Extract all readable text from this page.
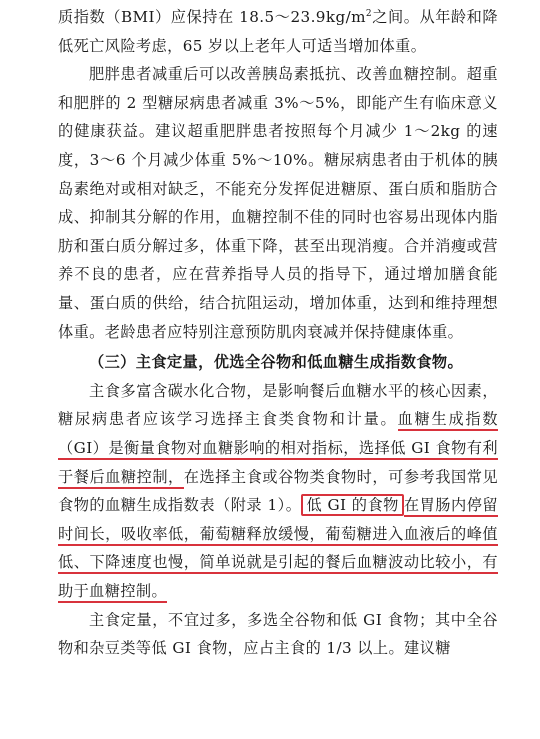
质指数（BMI）应保持在 $18.5\sim 23.9kg/m^2$之间。从年龄和降低死亡风险考虑，65 岁以上老年人可适当增加体重。

肥胖患者减重后可以改善胰岛素抵抗、改善血糖控制。超重和肥胖的 2 型糖尿病患者减重 3%～5%，即能产生有临床意义的健康获益。建议超重肥胖患者按照每个月减少 1～2kg 的速度，3～6 个月减少体重 5%～10%。糖尿病患者由于机体的胰岛素绝对或相对缺乏，不能充分发挥促进糖原、蛋白质和脂肪合成、抑制其分解的作用，血糖控制不佳的同时也容易出现体内脂肪和蛋白质分解过多，体重下降，甚至出现消瘦。合并消瘦或营养不良的患者，应在营养指导人员的指导下，通过增加膳食能量、蛋白质的供给，结合抗阻运动，增加体重，达到和维持理想体重。老龄患者应特别注意预防肌肉衰减并保持健康体重。

（三）主食定量，优选全谷物和低血糖生成指数食物。

主食多富含碳水化合物，是影响餐后血糖水平的核心因素，糖尿病患者应该学习选择主食类食物和计量。血糖生成指数（GI）是衡量食物对血糖影响的相对指标，选择低 GI 食物有利于餐后血糖控制，在选择主食或谷物类食物时，可参考我国常见食物的血糖生成指数表（附录 1）。 低 GI 的食物 在胃肠内停留时间长，吸收率低，葡萄糖释放缓慢，葡萄糖进入血液后的峰值低、下降速度也慢，简单说就是引起的餐后血糖波动比较小，有助于血糖控制。

主食定量，不宜过多，多选全谷物和低 GI 食物；其中全谷物和杂豆类等低 GI 食物，应占主食的 1/3 以上。建议糖
